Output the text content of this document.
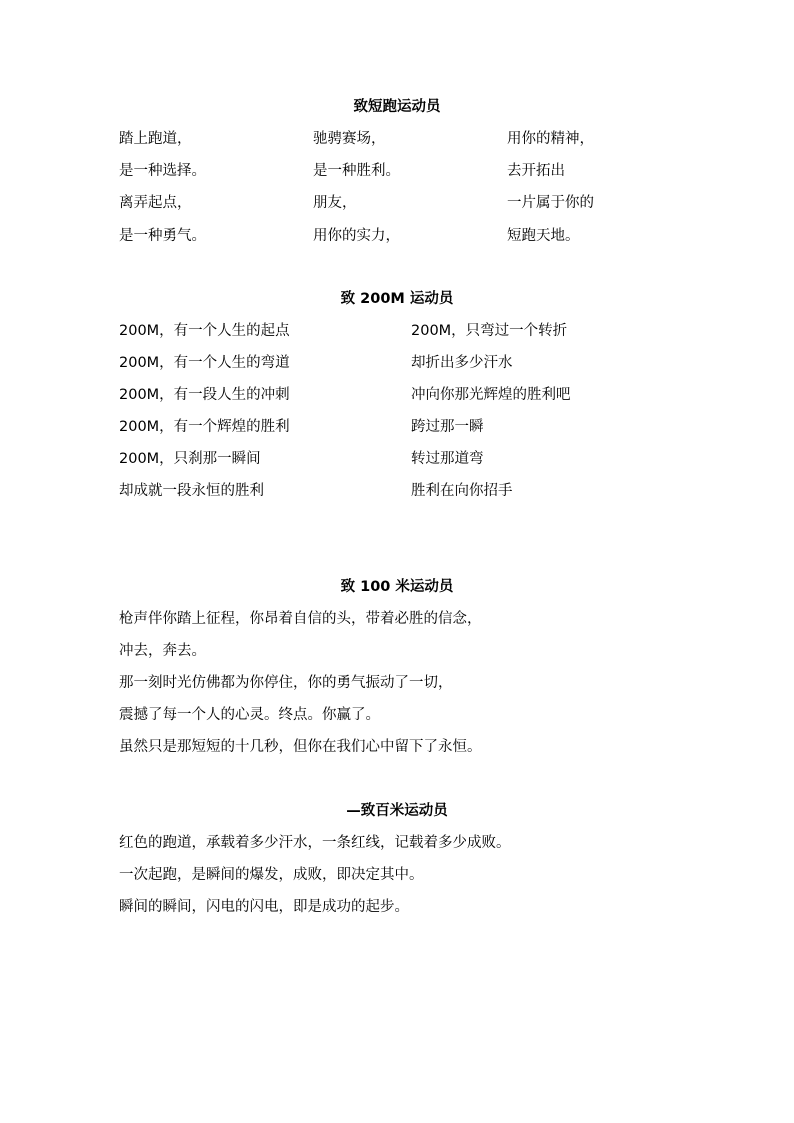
致短跑运动员
踏上跑道，
是一种选择。
离弄起点，
是一种勇气。
驰骋赛场，
是一种胜利。
朋友，
用你的实力，
用你的精神，
去开拓出
一片属于你的
短跑天地。
致 200M 运动员
200M，有一个人生的起点
200M，有一个人生的弯道
200M，有一段人生的冲刺
200M，有一个辉煌的胜利
200M，只刹那一瞬间
却成就一段永恒的胜利
200M，只弯过一个转折
却折出多少汗水
冲向你那光辉煌的胜利吧
跨过那一瞬
转过那道弯
胜利在向你招手
致 100 米运动员
枪声伴你踏上征程，你昂着自信的头，带着必胜的信念，
冲去，奔去。
那一刻时光仿佛都为你停住，你的勇气振动了一切，
震撼了每一个人的心灵。终点。你赢了。
虽然只是那短短的十几秒，但你在我们心中留下了永恒。
—致百米运动员
红色的跑道，承载着多少汗水，一条红线，记载着多少成败。
一次起跑，是瞬间的爆发，成败，即决定其中。
瞬间的瞬间，闪电的闪电，即是成功的起步。
